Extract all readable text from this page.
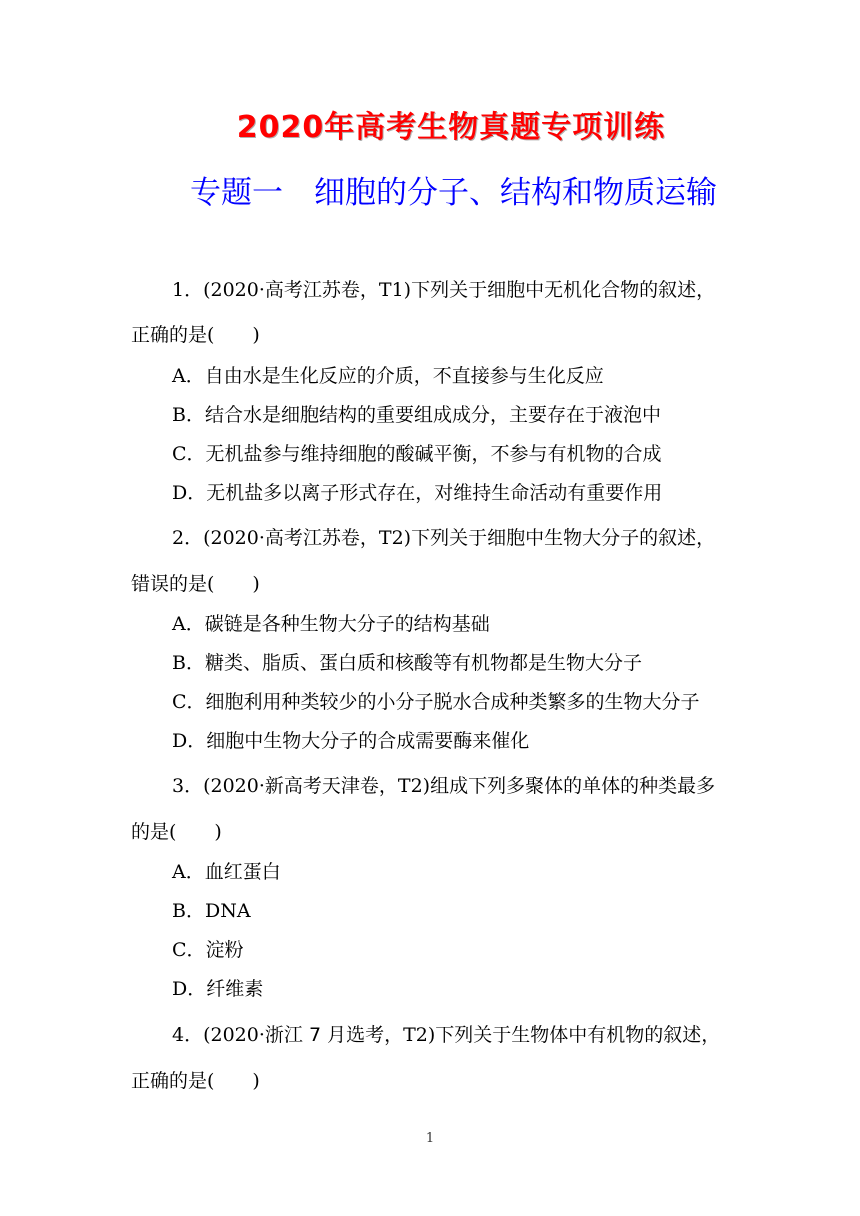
2020年高考生物真题专项训练
专题一　细胞的分子、结构和物质运输
1．(2020·高考江苏卷，T1)下列关于细胞中无机化合物的叙述，
正确的是(　　)
A．自由水是生化反应的介质，不直接参与生化反应
B．结合水是细胞结构的重要组成成分，主要存在于液泡中
C．无机盐参与维持细胞的酸碱平衡，不参与有机物的合成
D．无机盐多以离子形式存在，对维持生命活动有重要作用
2．(2020·高考江苏卷，T2)下列关于细胞中生物大分子的叙述，
错误的是(　　)
A．碳链是各种生物大分子的结构基础
B．糖类、脂质、蛋白质和核酸等有机物都是生物大分子
C．细胞利用种类较少的小分子脱水合成种类繁多的生物大分子
D．细胞中生物大分子的合成需要酶来催化
3．(2020·新高考天津卷，T2)组成下列多聚体的单体的种类最多
的是(　　)
A．血红蛋白
B．DNA
C．淀粉
D．纤维素
4．(2020·浙江 7 月选考，T2)下列关于生物体中有机物的叙述，
正确的是(　　)
1
